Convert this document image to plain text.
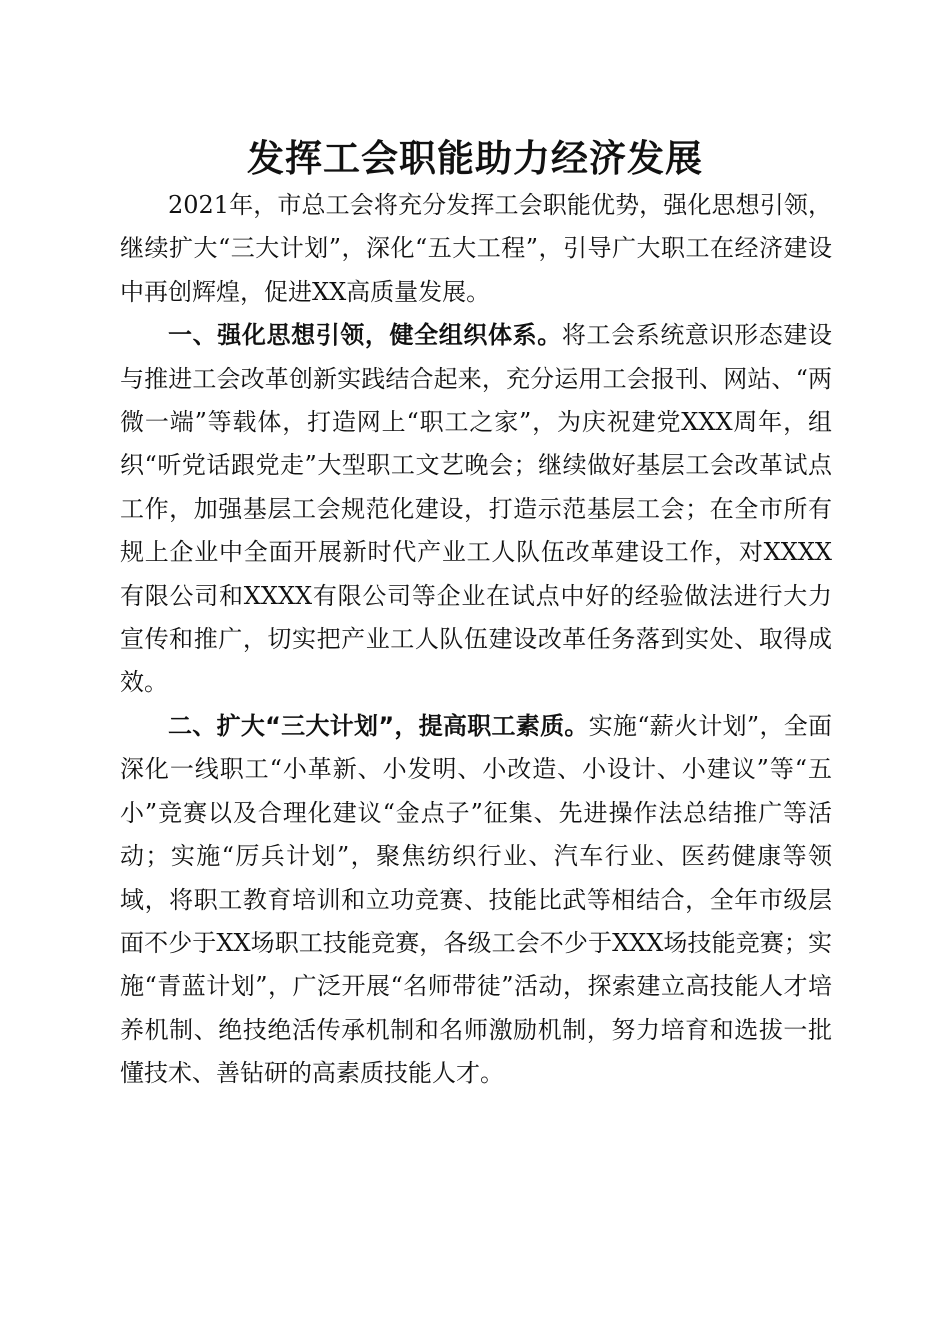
发挥工会职能助力经济发展

2021年，市总工会将充分发挥工会职能优势，强化思想引领，继续扩大“三大计划”，深化“五大工程”，引导广大职工在经济建设中再创辉煌，促进XX高质量发展。

一、强化思想引领，健全组织体系。将工会系统意识形态建设与推进工会改革创新实践结合起来，充分运用工会报刊、网站、“两微一端”等载体，打造网上“职工之家”，为庆祝建党XXX周年，组织“听党话跟党走”大型职工文艺晚会；继续做好基层工会改革试点工作，加强基层工会规范化建设，打造示范基层工会；在全市所有规上企业中全面开展新时代产业工人队伍改革建设工作，对XXXX有限公司和XXXX有限公司等企业在试点中好的经验做法进行大力宣传和推广，切实把产业工人队伍建设改革任务落到实处、取得成效。

二、扩大“三大计划”，提高职工素质。实施“薪火计划”，全面深化一线职工“小革新、小发明、小改造、小设计、小建议”等“五小”竞赛以及合理化建议“金点子”征集、先进操作法总结推广等活动；实施“厉兵计划”，聚焦纺织行业、汽车行业、医药健康等领域，将职工教育培训和立功竞赛、技能比武等相结合，全年市级层面不少于XX场职工技能竞赛，各级工会不少于XXX场技能竞赛；实施“青蓝计划”，广泛开展“名师带徒”活动，探索建立高技能人才培养机制、绝技绝活传承机制和名师激励机制，努力培育和选拔一批懂技术、善钻研的高素质技能人才。
